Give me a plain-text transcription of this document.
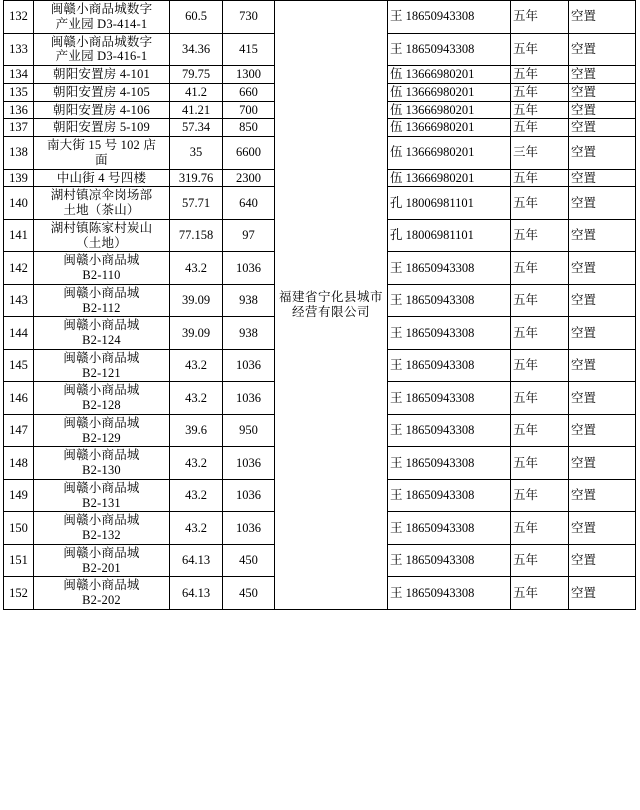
132	闽赣小商品城数字
产业园 D3-414-1	60.5	730	福建省宁化县城市经营有限公司	王 18650943308	五年	空置
133	闽赣小商品城数字
产业园 D3-416-1	34.36	415		王 18650943308	五年	空置
134	朝阳安置房 4-101	79.75	1300		伍 13666980201	五年	空置
135	朝阳安置房 4-105	41.2	660		伍 13666980201	五年	空置
136	朝阳安置房 4-106	41.21	700		伍 13666980201	五年	空置
137	朝阳安置房 5-109	57.34	850		伍 13666980201	五年	空置
138	南大街 15 号 102 店
面	35	6600		伍 13666980201	三年	空置
139	中山街 4 号四楼	319.76	2300		伍 13666980201	五年	空置
140	湖村镇凉伞岗场部
土地（茶山）	57.71	640		孔 18006981101	五年	空置
141	湖村镇陈家村炭山
（土地）	77.158	97		孔 18006981101	五年	空置
142	闽赣小商品城
B2-110	43.2	1036		王 18650943308	五年	空置
143	闽赣小商品城
B2-112	39.09	938		王 18650943308	五年	空置
144	闽赣小商品城
B2-124	39.09	938		王 18650943308	五年	空置
145	闽赣小商品城
B2-121	43.2	1036		王 18650943308	五年	空置
146	闽赣小商品城
B2-128	43.2	1036		王 18650943308	五年	空置
147	闽赣小商品城
B2-129	39.6	950		王 18650943308	五年	空置
148	闽赣小商品城
B2-130	43.2	1036		王 18650943308	五年	空置
149	闽赣小商品城
B2-131	43.2	1036		王 18650943308	五年	空置
150	闽赣小商品城
B2-132	43.2	1036		王 18650943308	五年	空置
151	闽赣小商品城
B2-201	64.13	450		王 18650943308	五年	空置
152	闽赣小商品城
B2-202	64.13	450		王 18650943308	五年	空置
